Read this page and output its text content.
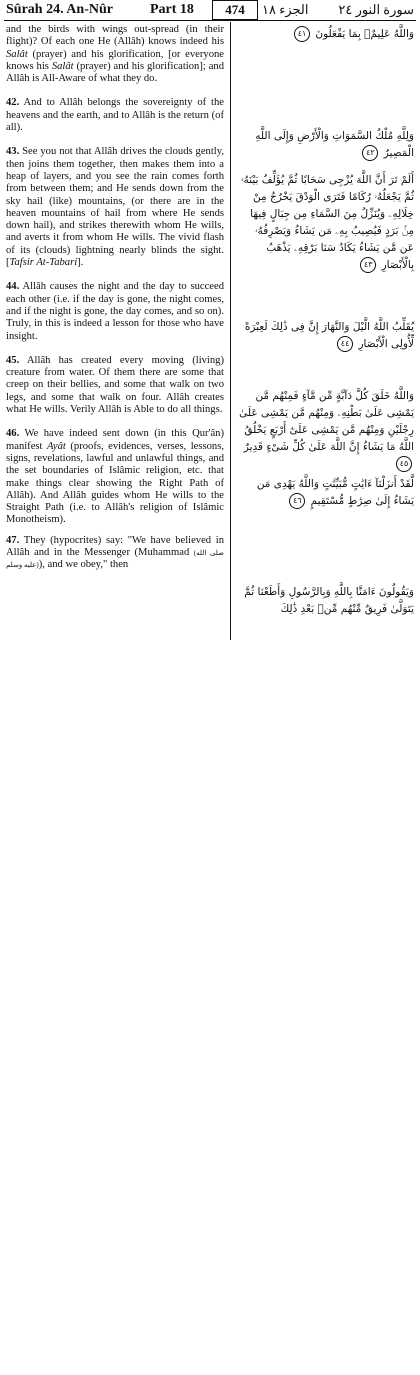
Sûrah 24. An-Nûr	Part 18	474	الجزء ١٨ سورة النور ٢٤

and the birds with wings out-spread (in their flight)? Of each one He (Allâh) knows indeed his Salât (prayer) and his glorification, [or everyone knows his Salât (prayer) and his glorification]; and Allâh is All-Aware of what they do.

42. And to Allâh belongs the sovereignty of the heavens and the earth, and to Allâh is the return (of all).

43. See you not that Allâh drives the clouds gently, then joins them together, then makes them into a heap of layers, and you see the rain comes forth from between them; and He sends down from the sky hail (like) mountains, (or there are in the heaven mountains of hail from where He sends down hail), and strikes therewith whom He wills, and averts it from whom He wills. The vivid flash of its (clouds) lightning nearly blinds the sight. [Tafsir At-Tabari].

44. Allâh causes the night and the day to succeed each other (i.e. if the day is gone, the night comes, and if the night is gone, the day comes, and so on). Truly, in this is indeed a lesson for those who have insight.

45. Allâh has created every moving (living) creature from water. Of them there are some that creep on their bellies, and some that walk on two legs, and some that walk on four. Allâh creates what He wills. Verily Allâh is Able to do all things.

46. We have indeed sent down (in this Qur'ân) manifest Ayât (proofs, evidences, verses, lessons, signs, revelations, lawful and unlawful things, and the set boundaries of Islâmic religion, etc. that make things clear showing the Right Path of Allâh). And Allâh guides whom He wills to the Straight Path (i.e. to Allâh's religion of Islâmic Monotheism).

47. They (hypocrites) say: "We have believed in Allâh and in the Messenger (Muhammad (صلى الله عليه وسلم)), and we obey," then

وَاللَّهُ عَلِيمٌۢ بِمَا يَفْعَلُونَ ٤١
وَلِلَّهِ مُلْكُ السَّمَوَاتِ وَالْأَرْضِ وَإِلَى اللَّهِ الْمَصِيرُ ٤٢
أَلَمْ تَرَ أَنَّ اللَّهَ يُزْجِى سَحَابًا ثُمَّ يُؤَلِّفُ بَيْنَهُۥ ثُمَّ يَجْعَلُهُۥ رُكَامًا فَتَرَى الْوَدْقَ يَخْرُجُ مِنْ خِلَالِهِۦ وَيُنَزِّلُ مِنَ السَّمَاءِ مِن جِبَالٍ فِيهَا مِنۢ بَرَدٍ فَيُصِيبُ بِهِۦ مَن يَشَاءُ وَيَصْرِفُهُۥ عَن مَّن يَشَاءُ يَكَادُ سَنَا بَرْقِهِۦ يَذْهَبُ بِالْأَبْصَارِ ٤٣
يُقَلِّبُ اللَّهُ الَّيْلَ وَالنَّهَارَ إِنَّ فِى ذَٰلِكَ لَعِبْرَةً لِّأُولِى الْأَبْصَارِ ٤٤
وَاللَّهُ خَلَقَ كُلَّ دَآبَّةٍ مِّن مَّآءٍ فَمِنْهُم مَّن يَمْشِى عَلَىٰ بَطْنِهِۦ وَمِنْهُم مَّن يَمْشِى عَلَىٰ رِجْلَيْنِ وَمِنْهُم مَّن يَمْشِى عَلَىٰٓ أَرْبَعٍ يَخْلُقُ اللَّهُ مَا يَشَاءُ إِنَّ اللَّهَ عَلَىٰ كُلِّ شَىْءٍ قَدِيرٌ ٤٥
لَّقَدْ أَنزَلْنَآ ءَايَٰتٍ مُّبَيِّنَٰتٍ وَاللَّهُ يَهْدِى مَن يَشَاءُ إِلَىٰ صِرَٰطٍ مُّسْتَقِيمٍ ٤٦
وَيَقُولُونَ ءَامَنَّا بِاللَّهِ وَبِالرَّسُولِ وَأَطَعْنَا ثُمَّ يَتَوَلَّىٰ فَرِيقٌ مِّنْهُم مِّنۢ بَعْدِ ذَٰلِكَ
